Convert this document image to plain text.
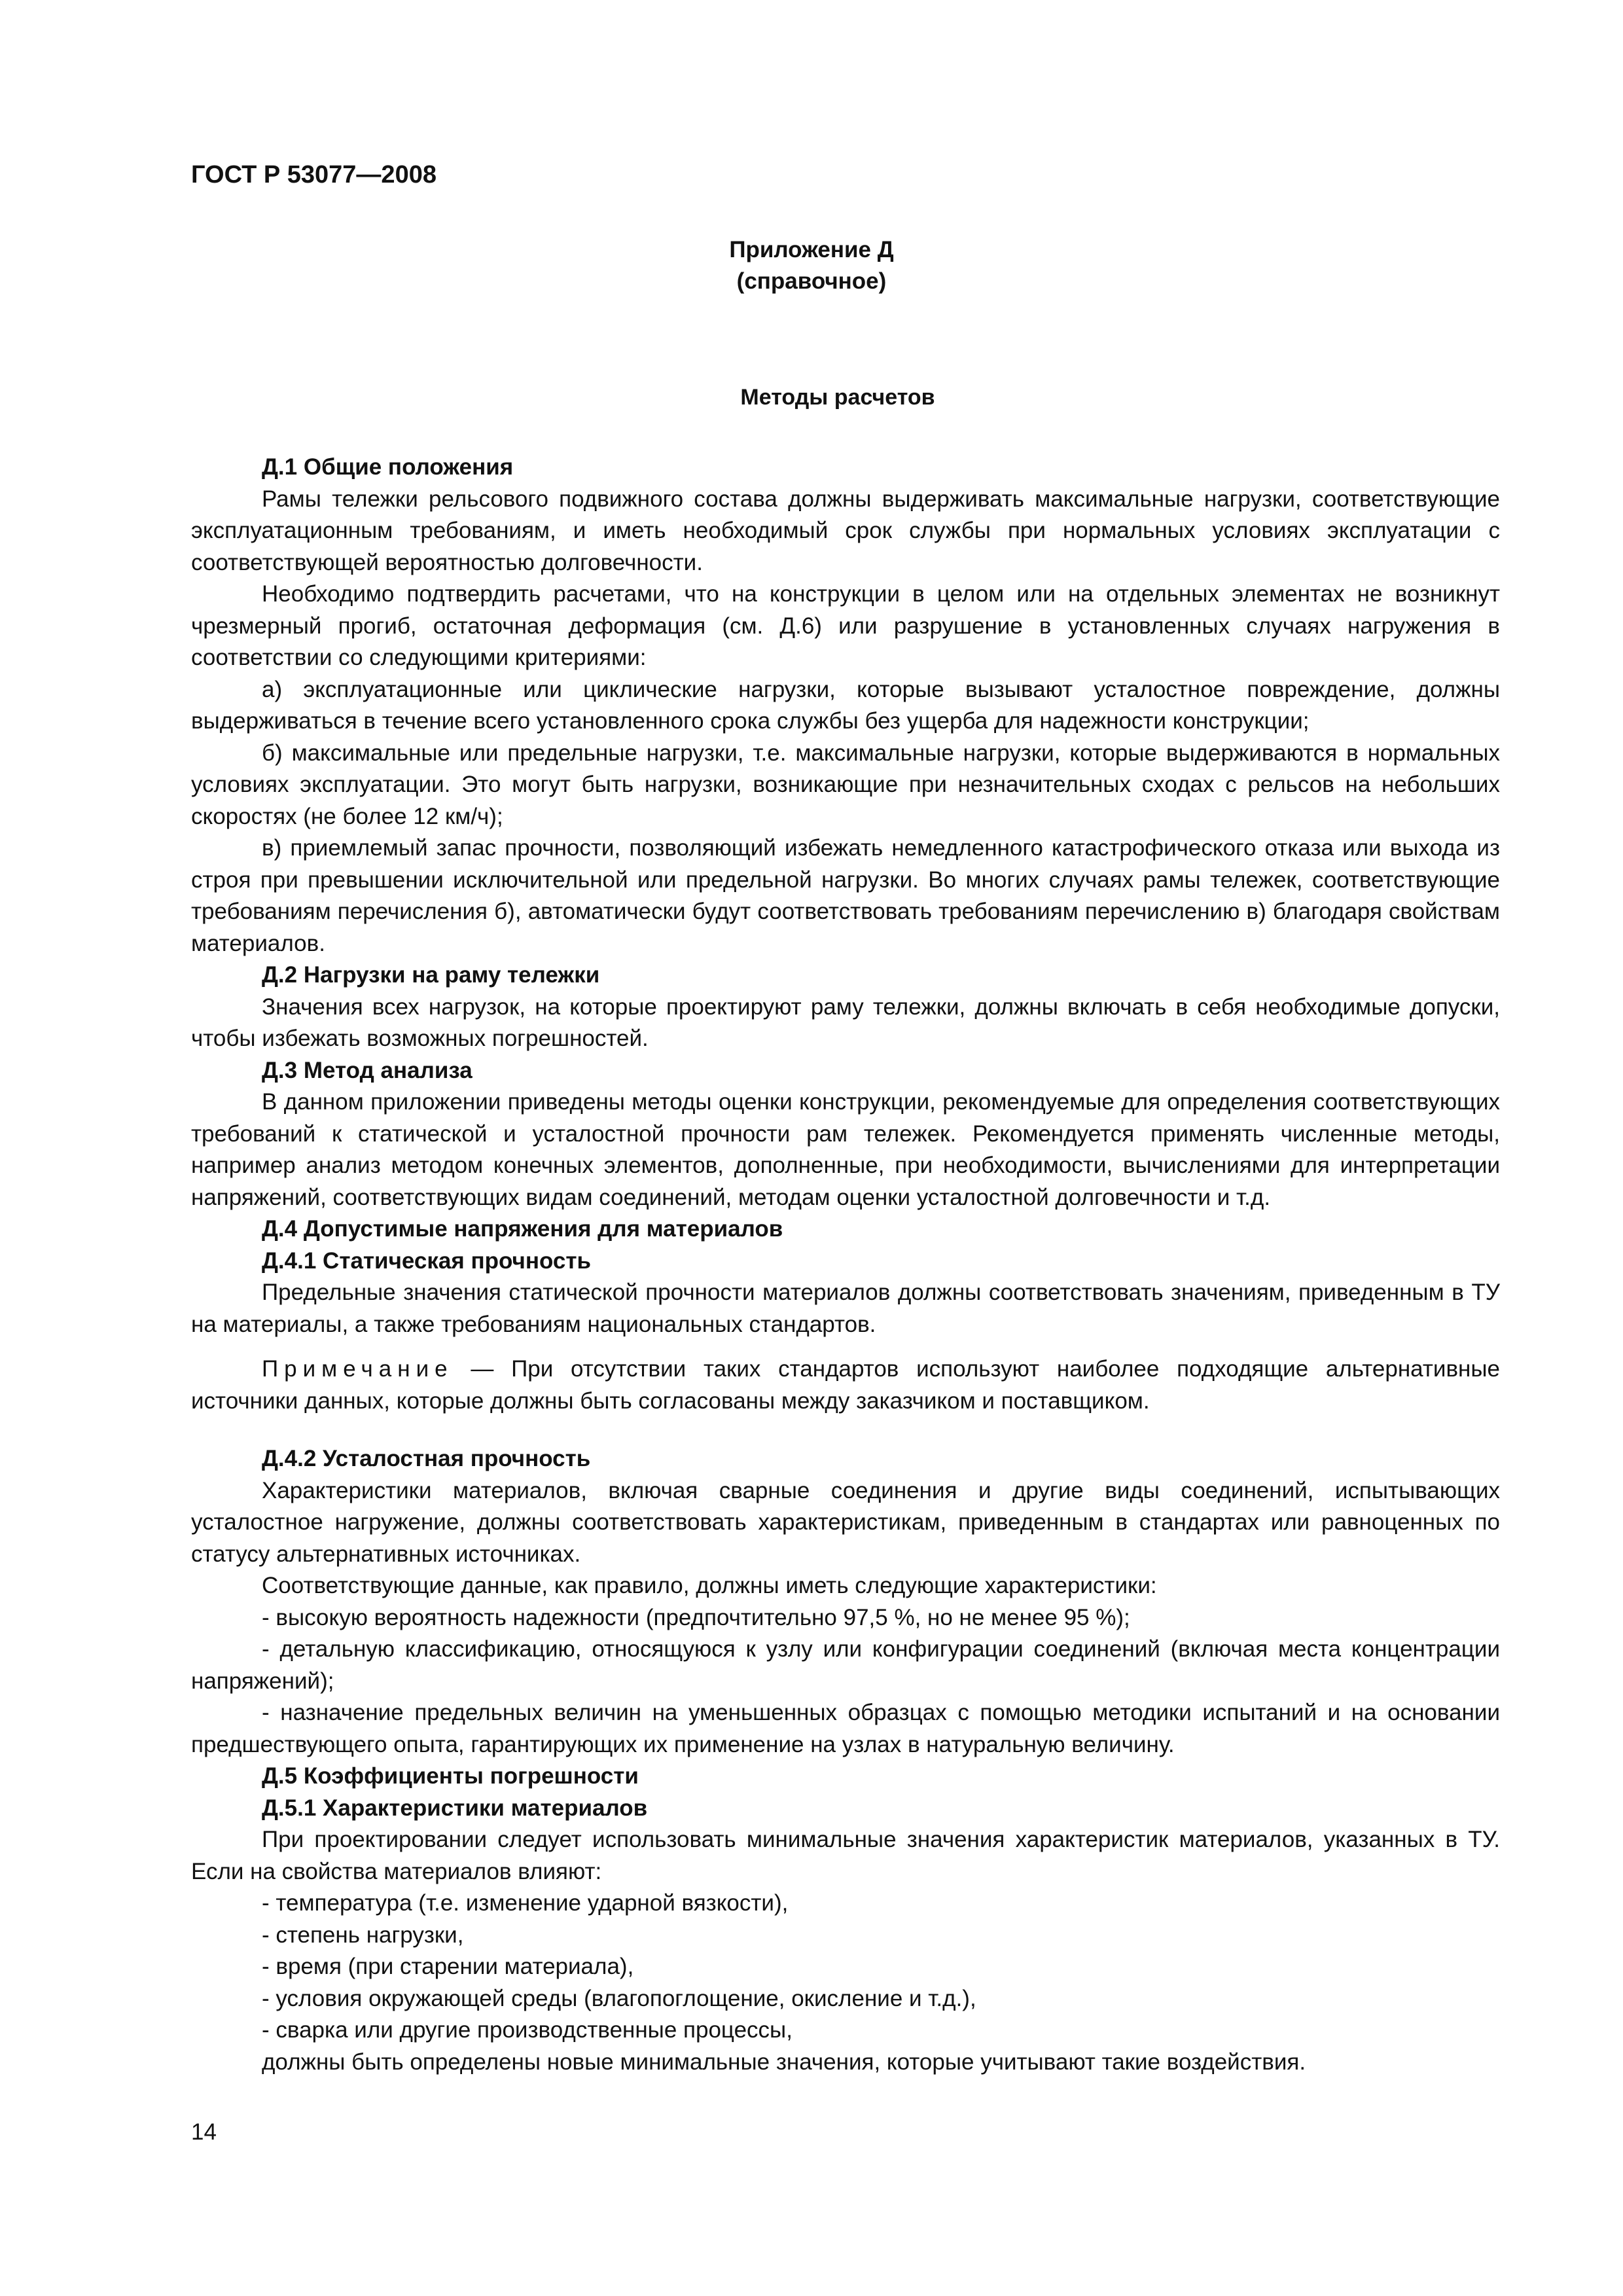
ГОСТ Р 53077—2008
Приложение Д
(справочное)
Методы расчетов

Д.1 Общие положения

Рамы тележки рельсового подвижного состава должны выдерживать максимальные нагрузки, соответствующие эксплуатационным требованиям, и иметь необходимый срок службы при нормальных условиях эксплуатации с соответствующей вероятностью долговечности.

Необходимо подтвердить расчетами, что на конструкции в целом или на отдельных элементах не возникнут чрезмерный прогиб, остаточная деформация (см. Д.6) или разрушение в установленных случаях нагружения в соответствии со следующими критериями:

а) эксплуатационные или циклические нагрузки, которые вызывают усталостное повреждение, должны выдерживаться в течение всего установленного срока службы без ущерба для надежности конструкции;

б) максимальные или предельные нагрузки, т.е. максимальные нагрузки, которые выдерживаются в нормальных условиях эксплуатации. Это могут быть нагрузки, возникающие при незначительных сходах с рельсов на небольших скоростях (не более 12 км/ч);

в) приемлемый запас прочности, позволяющий избежать немедленного катастрофического отказа или выхода из строя при превышении исключительной или предельной нагрузки. Во многих случаях рамы тележек, соответствующие требованиям перечисления б), автоматически будут соответствовать требованиям перечислению в) благодаря свойствам материалов.

Д.2 Нагрузки на раму тележки

Значения всех нагрузок, на которые проектируют раму тележки, должны включать в себя необходимые допуски, чтобы избежать возможных погрешностей.

Д.3 Метод анализа

В данном приложении приведены методы оценки конструкции, рекомендуемые для определения соответствующих требований к статической и усталостной прочности рам тележек. Рекомендуется применять численные методы, например анализ методом конечных элементов, дополненные, при необходимости, вычислениями для интерпретации напряжений, соответствующих видам соединений, методам оценки усталостной долговечности и т.д.

Д.4 Допустимые напряжения для материалов

Д.4.1 Статическая прочность

Предельные значения статической прочности материалов должны соответствовать значениям, приведенным в ТУ на материалы, а также требованиям национальных стандартов.

Примечание — При отсутствии таких стандартов используют наиболее подходящие альтернативные источники данных, которые должны быть согласованы между заказчиком и поставщиком.

Д.4.2 Усталостная прочность

Характеристики материалов, включая сварные соединения и другие виды соединений, испытывающих усталостное нагружение, должны соответствовать характеристикам, приведенным в стандартах или равноценных по статусу альтернативных источниках.

Соответствующие данные, как правило, должны иметь следующие характеристики:

- высокую вероятность надежности (предпочтительно 97,5 %, но не менее 95 %);

- детальную классификацию, относящуюся к узлу или конфигурации соединений (включая места концентрации напряжений);

- назначение предельных величин на уменьшенных образцах с помощью методики испытаний и на основании предшествующего опыта, гарантирующих их применение на узлах в натуральную величину.

Д.5 Коэффициенты погрешности

Д.5.1 Характеристики материалов

При проектировании следует использовать минимальные значения характеристик материалов, указанных в ТУ. Если на свойства материалов влияют:

- температура (т.е. изменение ударной вязкости),

- степень нагрузки,

- время (при старении материала),

- условия окружающей среды (влагопоглощение, окисление и т.д.),

- сварка или другие производственные процессы,

должны быть определены новые минимальные значения, которые учитывают такие воздействия.

14
